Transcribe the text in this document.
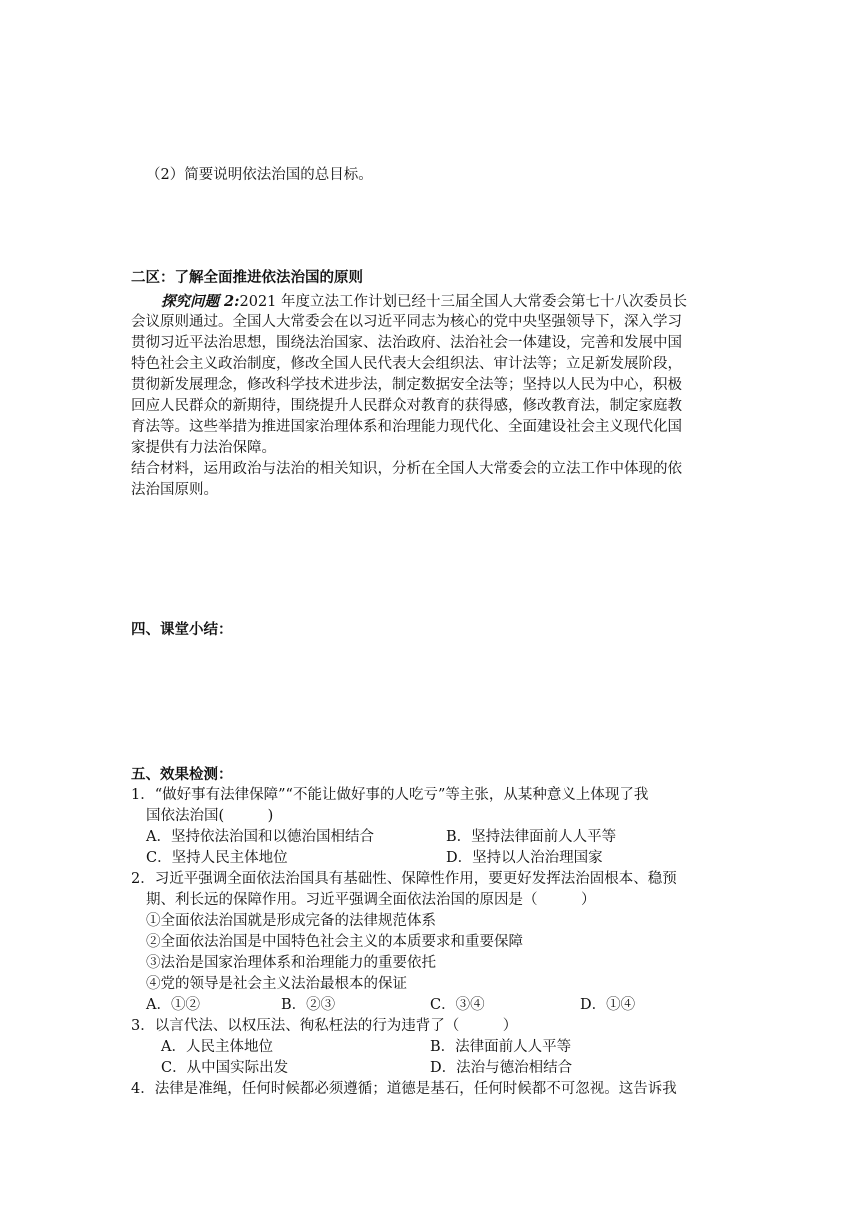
（2）简要说明依法治国的总目标。
二区：了解全面推进依法治国的原则
探究问题 2:2021 年度立法工作计划已经十三届全国人大常委会第七十八次委员长
会议原则通过。全国人大常委会在以习近平同志为核心的党中央坚强领导下，深入学习
贯彻习近平法治思想，围绕法治国家、法治政府、法治社会一体建设，完善和发展中国
特色社会主义政治制度，修改全国人民代表大会组织法、审计法等；立足新发展阶段，
贯彻新发展理念，修改科学技术进步法，制定数据安全法等；坚持以人民为中心，积极
回应人民群众的新期待，围绕提升人民群众对教育的获得感，修改教育法，制定家庭教
育法等。这些举措为推进国家治理体系和治理能力现代化、全面建设社会主义现代化国
家提供有力法治保障。
结合材料，运用政治与法治的相关知识，分析在全国人大常委会的立法工作中体现的依
法治国原则。
四、课堂小结：
五、效果检测：
1．“做好事有法律保障”“不能让做好事的人吃亏”等主张，从某种意义上体现了我
国依法治国(　　　)
A．坚持依法治国和以德治国相结合	B．坚持法律面前人人平等
C．坚持人民主体地位	D．坚持以人治治理国家
2．习近平强调全面依法治国具有基础性、保障性作用，要更好发挥法治固根本、稳预
期、利长远的保障作用。习近平强调全面依法治国的原因是（　　　）
①全面依法治国就是形成完备的法律规范体系
②全面依法治国是中国特色社会主义的本质要求和重要保障
③法治是国家治理体系和治理能力的重要依托
④党的领导是社会主义法治最根本的保证
A．①②	B．②③	C．③④	D．①④
3．以言代法、以权压法、徇私枉法的行为违背了（　　　）
A．人民主体地位	B．法律面前人人平等
C．从中国实际出发	D．法治与德治相结合
4．法律是准绳，任何时候都必须遵循；道德是基石，任何时候都不可忽视。这告诉我
